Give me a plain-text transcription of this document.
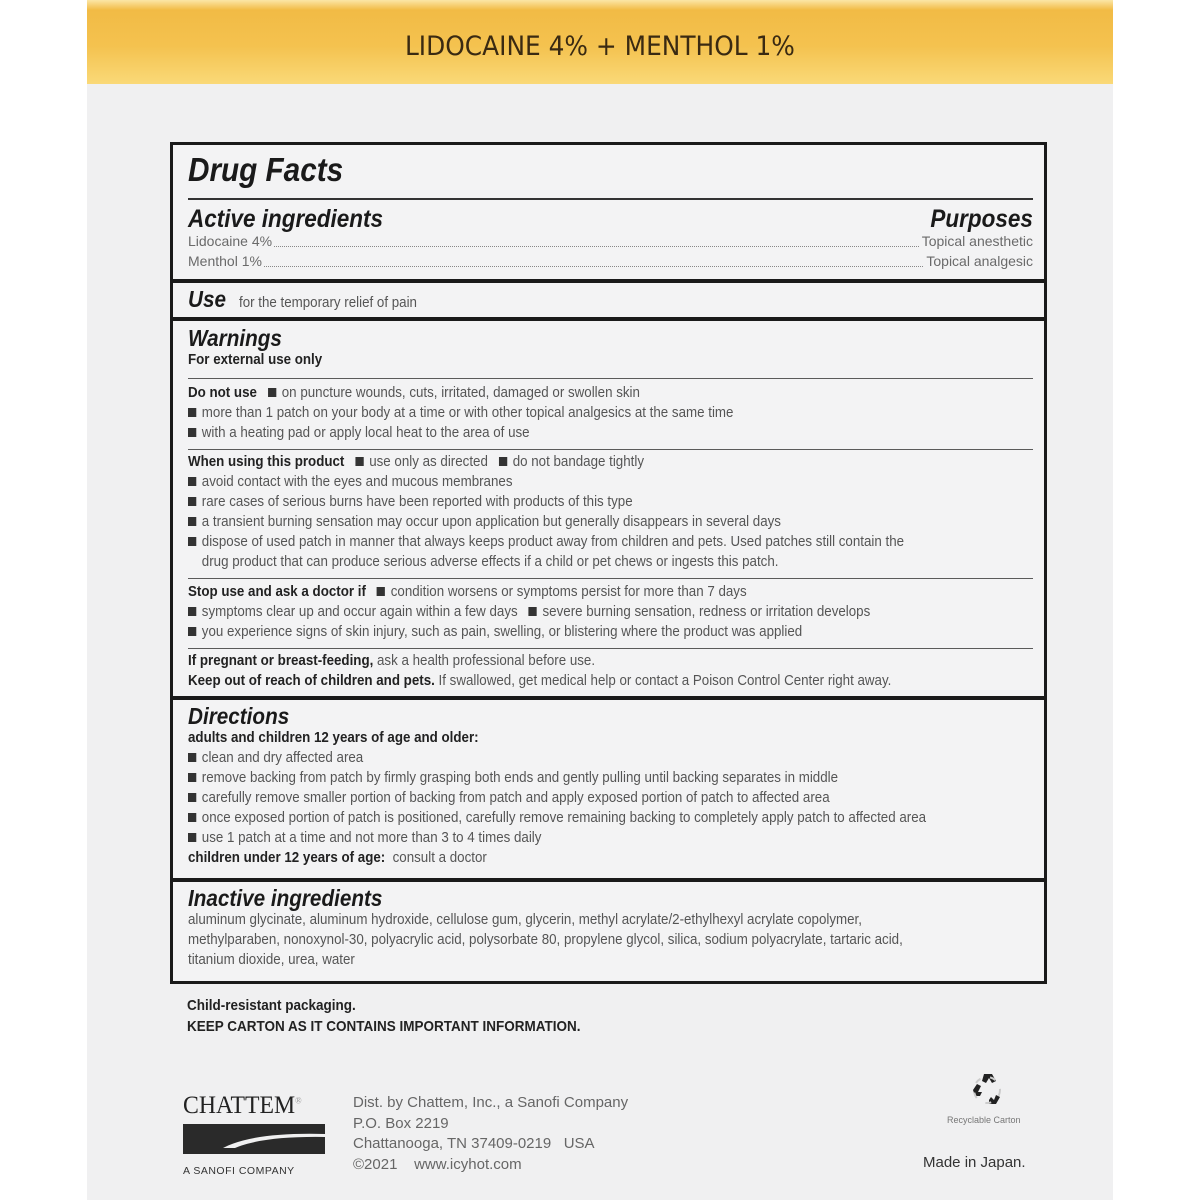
LIDOCAINE 4% + MENTHOL 1%
Drug Facts
Active ingredients	Purposes
Lidocaine 4%	Topical anesthetic
Menthol 1%	Topical analgesic
Use for the temporary relief of pain
Warnings
For external use only
Do not use on puncture wounds, cuts, irritated, damaged or swollen skin
more than 1 patch on your body at a time or with other topical analgesics at the same time
with a heating pad or apply local heat to the area of use
When using this product use only as directed do not bandage tightly
avoid contact with the eyes and mucous membranes
rare cases of serious burns have been reported with products of this type
a transient burning sensation may occur upon application but generally disappears in several days
dispose of used patch in manner that always keeps product away from children and pets. Used patches still contain the
drug product that can produce serious adverse effects if a child or pet chews or ingests this patch.
Stop use and ask a doctor if condition worsens or symptoms persist for more than 7 days
symptoms clear up and occur again within a few days severe burning sensation, redness or irritation develops
you experience signs of skin injury, such as pain, swelling, or blistering where the product was applied
If pregnant or breast-feeding, ask a health professional before use.
Keep out of reach of children and pets. If swallowed, get medical help or contact a Poison Control Center right away.
Directions
adults and children 12 years of age and older:
clean and dry affected area
remove backing from patch by firmly grasping both ends and gently pulling until backing separates in middle
carefully remove smaller portion of backing from patch and apply exposed portion of patch to affected area
once exposed portion of patch is positioned, carefully remove remaining backing to completely apply patch to affected area
use 1 patch at a time and not more than 3 to 4 times daily
children under 12 years of age: consult a doctor
Inactive ingredients
aluminum glycinate, aluminum hydroxide, cellulose gum, glycerin, methyl acrylate/2-ethylhexyl acrylate copolymer,
methylparaben, nonoxynol-30, polyacrylic acid, polysorbate 80, propylene glycol, silica, sodium polyacrylate, tartaric acid,
titanium dioxide, urea, water
Child-resistant packaging.
KEEP CARTON AS IT CONTAINS IMPORTANT INFORMATION.
CHATTEM®
A SANOFI COMPANY
Dist. by Chattem, Inc., a Sanofi Company
P.O. Box 2219
Chattanooga, TN 37409-0219   USA
©2021    www.icyhot.com
Recyclable Carton
Made in Japan.
